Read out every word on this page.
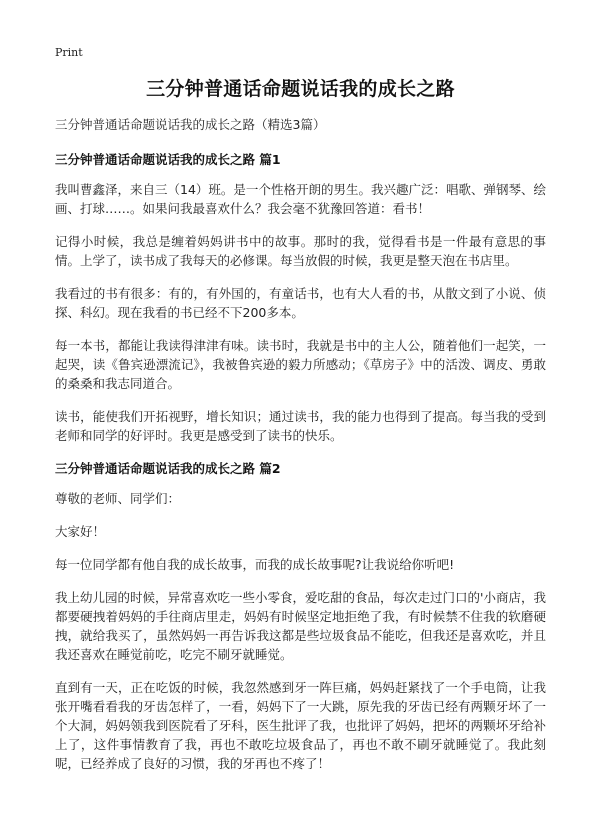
Print
三分钟普通话命题说话我的成长之路

三分钟普通话命题说话我的成长之路（精选3篇）

三分钟普通话命题说话我的成长之路 篇1

我叫曹鑫泽，来自三（14）班。是一个性格开朗的男生。我兴趣广泛：唱歌、弹钢琴、绘画、打球……。如果问我最喜欢什么？我会毫不犹豫回答道：看书！

记得小时候，我总是缠着妈妈讲书中的故事。那时的我，觉得看书是一件最有意思的事情。上学了，读书成了我每天的必修课。每当放假的时候，我更是整天泡在书店里。

我看过的书有很多：有的，有外国的，有童话书，也有大人看的书，从散文到了小说、侦探、科幻。现在我看的书已经不下200多本。

每一本书，都能让我读得津津有味。读书时，我就是书中的主人公，随着他们一起笑，一起哭，读《鲁宾逊漂流记》，我被鲁宾逊的毅力所感动；《草房子》中的活泼、调皮、勇敢的桑桑和我志同道合。

读书，能使我们开拓视野，增长知识；通过读书，我的能力也得到了提高。每当我的受到老师和同学的好评时。我更是感受到了读书的快乐。

三分钟普通话命题说话我的成长之路 篇2

尊敬的老师、同学们：

大家好！

每一位同学都有他自我的成长故事，而我的成长故事呢?让我说给你听吧!

我上幼儿园的时候，异常喜欢吃一些小零食，爱吃甜的食品，每次走过门口的'小商店，我都要硬拽着妈妈的手往商店里走，妈妈有时候坚定地拒绝了我，有时候禁不住我的软磨硬拽，就给我买了，虽然妈妈一再告诉我这都是些垃圾食品不能吃，但我还是喜欢吃，并且我还喜欢在睡觉前吃，吃完不刷牙就睡觉。

直到有一天，正在吃饭的时候，我忽然感到牙一阵巨痛，妈妈赶紧找了一个手电筒，让我张开嘴看看我的牙齿怎样了，一看，妈妈下了一大跳，原先我的牙齿已经有两颗牙坏了一个大洞，妈妈领我到医院看了牙科，医生批评了我，也批评了妈妈，把坏的两颗坏牙给补上了，这件事情教育了我，再也不敢吃垃圾食品了，再也不敢不刷牙就睡觉了。我此刻呢，已经养成了良好的习惯，我的牙再也不疼了！
